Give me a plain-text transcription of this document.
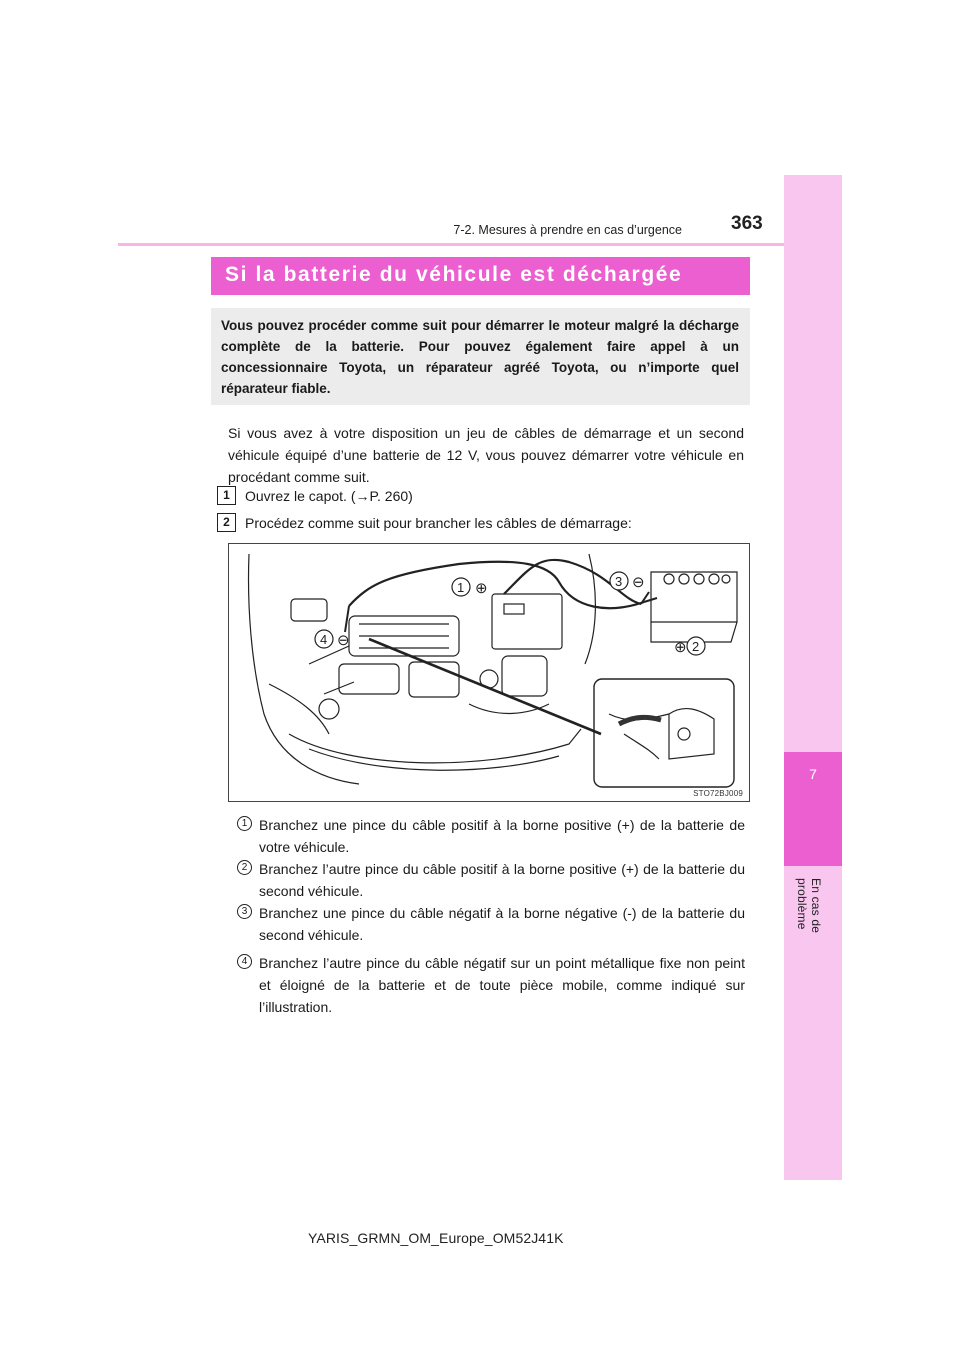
7
En cas de problème
7-2. Mesures à prendre en cas d’urgence	363
Si la batterie du véhicule est déchargée
Vous pouvez procéder comme suit pour démarrer le moteur malgré la décharge complète de la batterie. Pour pouvez également faire appel à un concessionnaire Toyota, un réparateur agréé Toyota, ou n’importe quel réparateur fiable.
Si vous avez à votre disposition un jeu de câbles de démarrage et un second véhicule équipé d’une batterie de 12 V, vous pouvez démarrer votre véhicule en procédant comme suit.
1	Ouvrez le capot. (→P. 260)
2	Procédez comme suit pour brancher les câbles de démarrage:
1 ⊕
2
⊕
3 ⊖
4 ⊖
STO72BJ009
1 Branchez une pince du câble positif à la borne positive (+) de la batterie de votre véhicule.
2 Branchez l’autre pince du câble positif à la borne positive (+) de la batterie du second véhicule.
3 Branchez une pince du câble négatif à la borne négative (-) de la batterie du second véhicule.
4 Branchez l’autre pince du câble négatif sur un point métallique fixe non peint et éloigné de la batterie et de toute pièce mobile, comme indiqué sur l’illustration.
YARIS_GRMN_OM_Europe_OM52J41K
